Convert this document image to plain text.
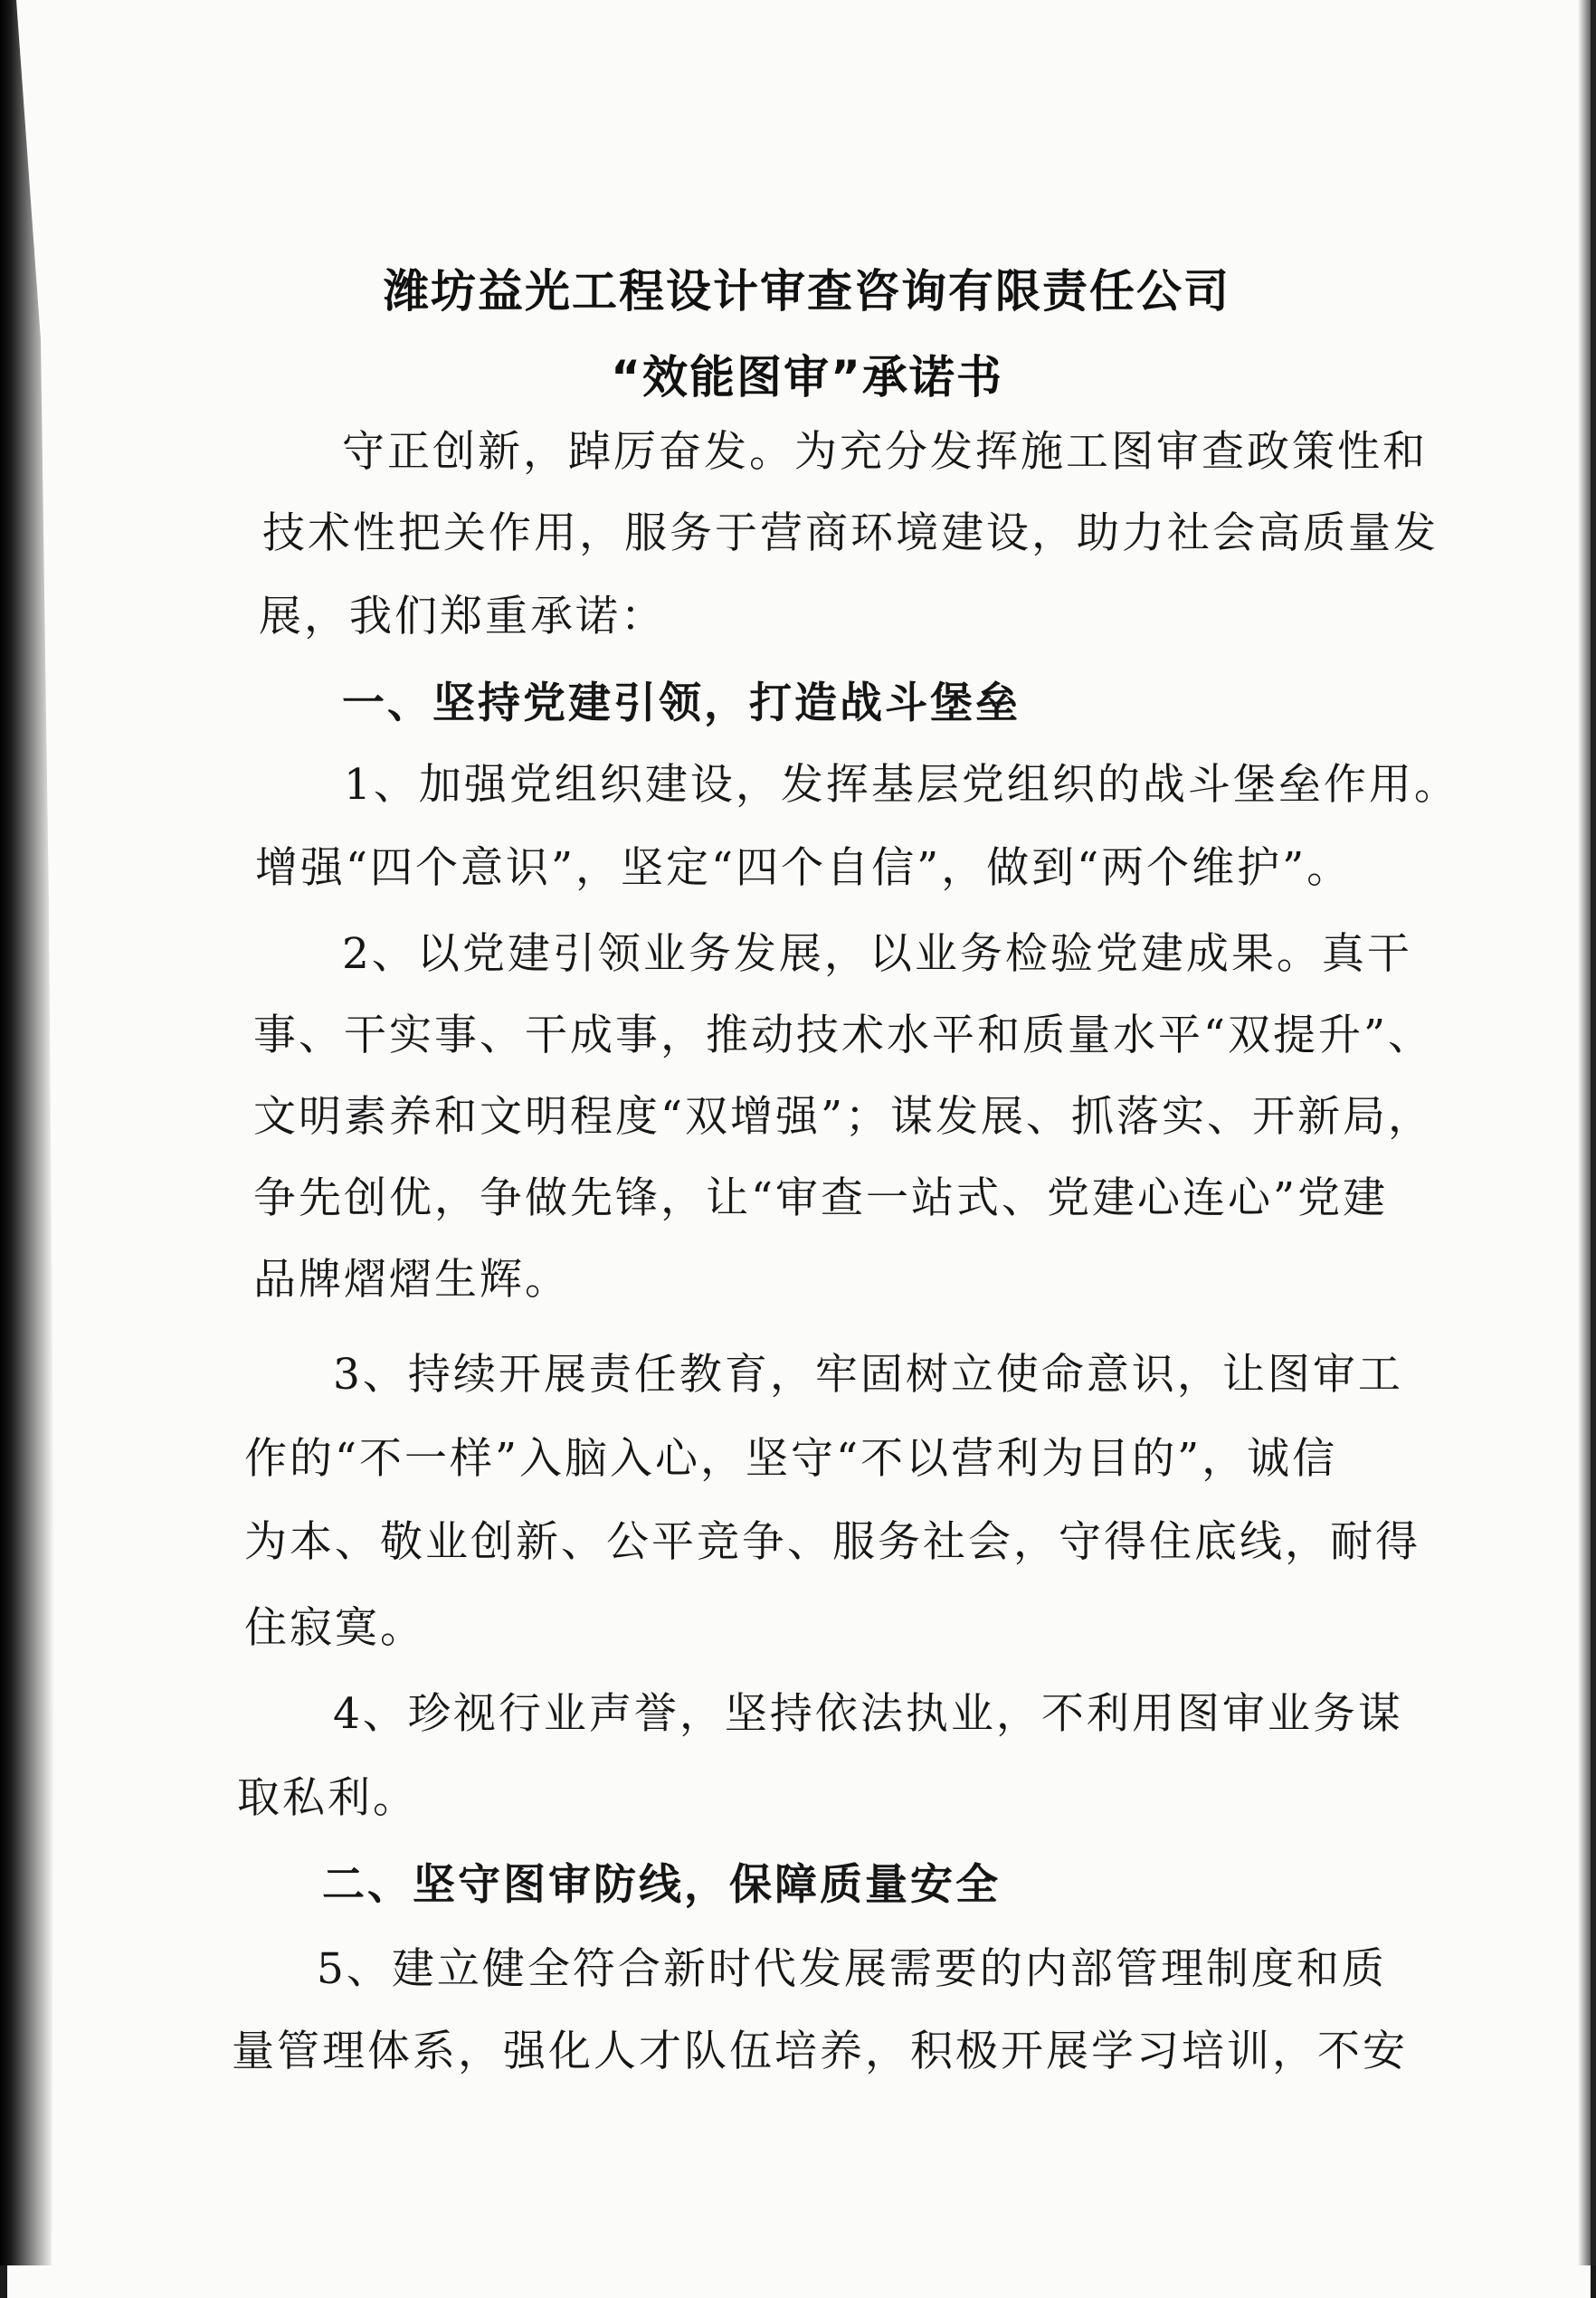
潍坊益光工程设计审查咨询有限责任公司
“效能图审”承诺书
守正创新，踔厉奋发。为充分发挥施工图审查政策性和
技术性把关作用，服务于营商环境建设，助力社会高质量发
展，我们郑重承诺：
一、坚持党建引领，打造战斗堡垒
1、加强党组织建设，发挥基层党组织的战斗堡垒作用。
增强“四个意识”，坚定“四个自信”，做到“两个维护”。
2、以党建引领业务发展，以业务检验党建成果。真干
事、干实事、干成事，推动技术水平和质量水平“双提升”、
文明素养和文明程度“双增强”；谋发展、抓落实、开新局，
争先创优，争做先锋，让“审查一站式、党建心连心”党建
品牌熠熠生辉。
3、持续开展责任教育，牢固树立使命意识，让图审工
作的“不一样”入脑入心，坚守“不以营利为目的”，诚信
为本、敬业创新、公平竞争、服务社会，守得住底线，耐得
住寂寞。
4、珍视行业声誉，坚持依法执业，不利用图审业务谋
取私利。
二、坚守图审防线，保障质量安全
5、建立健全符合新时代发展需要的内部管理制度和质
量管理体系，强化人才队伍培养，积极开展学习培训，不安
